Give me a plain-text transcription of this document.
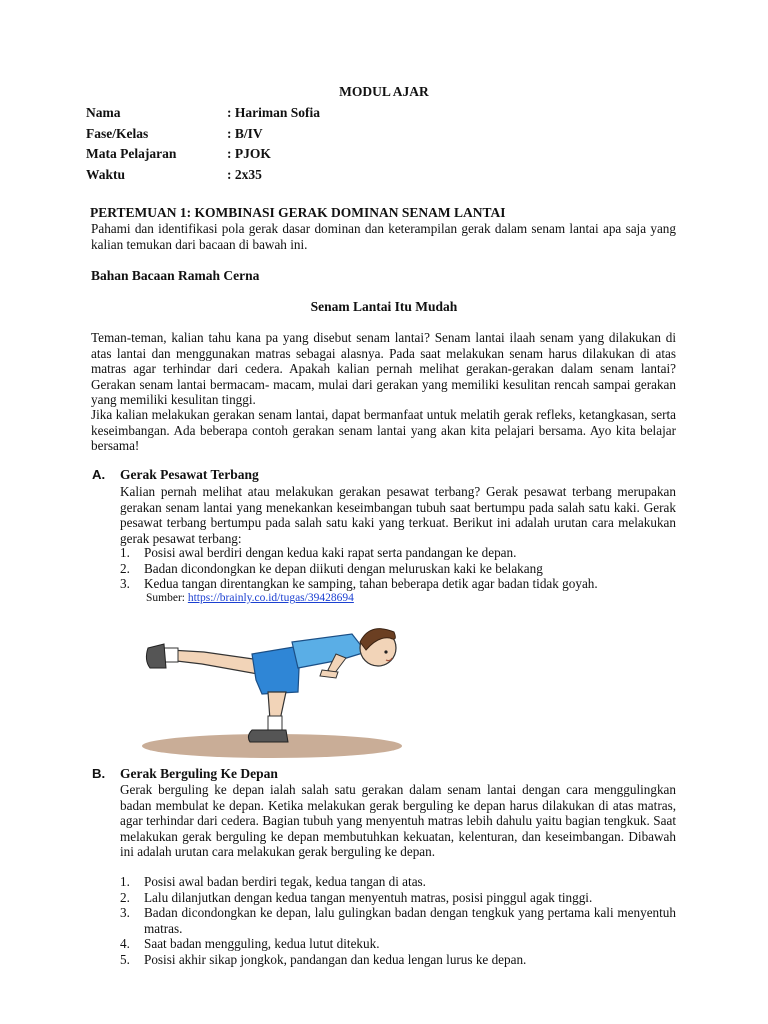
MODUL AJAR
Nama	: Hariman Sofia
Fase/Kelas	: B/IV
Mata Pelajaran	: PJOK
Waktu	: 2x35
PERTEMUAN 1: KOMBINASI GERAK DOMINAN SENAM LANTAI
Pahami dan identifikasi pola gerak dasar dominan dan keterampilan gerak dalam senam lantai apa saja yang kalian temukan dari bacaan di bawah ini.
Bahan Bacaan Ramah Cerna
Senam Lantai Itu Mudah
Teman-teman, kalian tahu kana pa yang disebut senam lantai? Senam lantai ilaah senam yang dilakukan di atas lantai dan menggunakan matras sebagai alasnya. Pada saat melakukan senam harus dilakukan di atas matras agar terhindar dari cedera. Apakah kalian pernah melihat gerakan-gerakan dalam senam lantai? Gerakan senam lantai bermacam- macam, mulai dari gerakan yang memiliki kesulitan rencah sampai gerakan yang memiliki kesulitan tinggi.
Jika kalian melakukan gerakan senam lantai, dapat bermanfaat untuk melatih gerak refleks, ketangkasan, serta keseimbangan. Ada beberapa contoh gerakan senam lantai yang akan kita pelajari bersama. Ayo kita belajar bersama!
A. Gerak Pesawat Terbang
Kalian pernah melihat atau melakukan gerakan pesawat terbang? Gerak pesawat terbang merupakan gerakan senam lantai yang menekankan keseimbangan tubuh saat bertumpu pada salah satu kaki. Gerak pesawat terbang bertumpu pada salah satu kaki yang terkuat. Berikut ini adalah urutan cara melakukan gerak pesawat terbang:
1. Posisi awal berdiri dengan kedua kaki rapat serta pandangan ke depan.
2. Badan dicondongkan ke depan diikuti dengan meluruskan kaki ke belakang
3. Kedua tangan direntangkan ke samping, tahan beberapa detik agar badan tidak goyah.
Sumber: https://brainly.co.id/tugas/39428694
B. Gerak Berguling Ke Depan
Gerak berguling ke depan ialah salah satu gerakan dalam senam lantai dengan cara menggulingkan badan membulat ke depan. Ketika melakukan gerak berguling ke depan harus dilakukan di atas matras, agar terhindar dari cedera. Bagian tubuh yang menyentuh matras lebih dahulu yaitu bagian tengkuk. Saat melakukan gerak berguling ke depan membutuhkan kekuatan, kelenturan, dan keseimbangan. Dibawah ini adalah urutan cara melakukan gerak berguling ke depan.
1. Posisi awal badan berdiri tegak, kedua tangan di atas.
2. Lalu dilanjutkan dengan kedua tangan menyentuh matras, posisi pinggul agak tinggi.
3. Badan dicondongkan ke depan, lalu gulingkan badan dengan tengkuk yang pertama kali menyentuh matras.
4. Saat badan mengguling, kedua lutut ditekuk.
5. Posisi akhir sikap jongkok, pandangan dan kedua lengan lurus ke depan.
